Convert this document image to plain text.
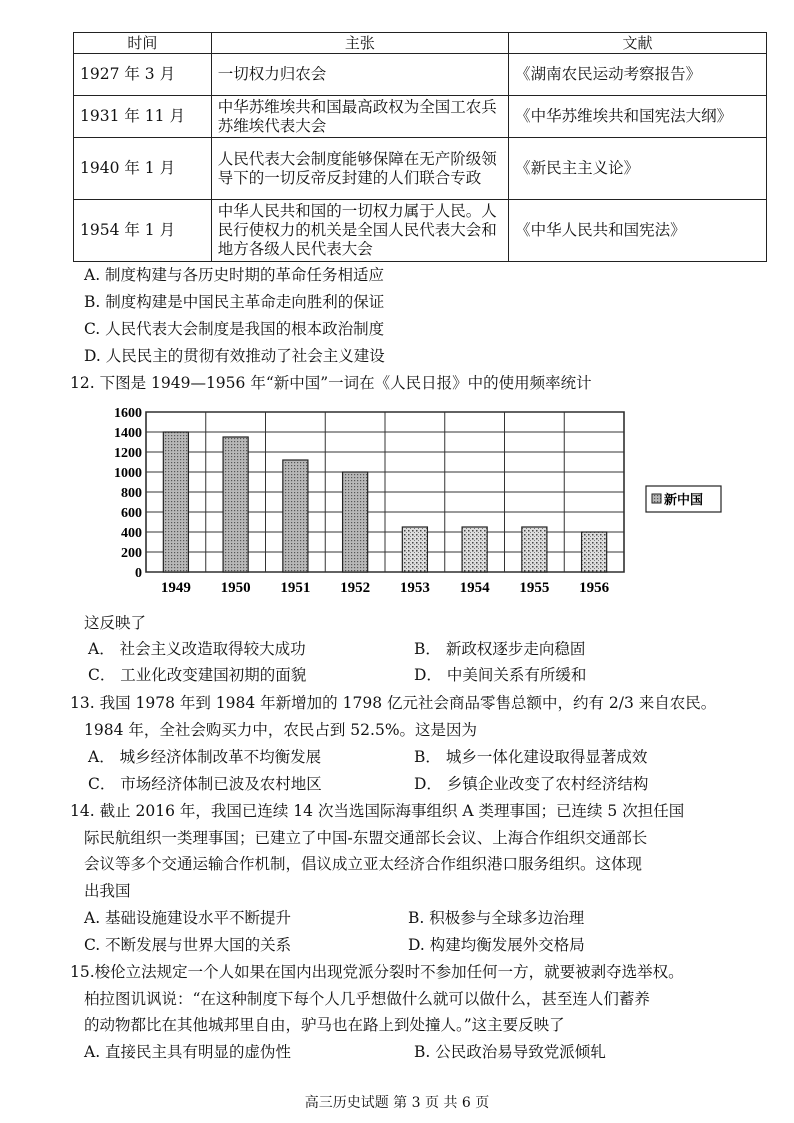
时间	主张	文献
1927 年 3 月	一切权力归农会	《湖南农民运动考察报告》
1931 年 11 月	中华苏维埃共和国最高政权为全国工农兵苏维埃代表大会	《中华苏维埃共和国宪法大纲》
1940 年 1 月	人民代表大会制度能够保障在无产阶级领导下的一切反帝反封建的人们联合专政	《新民主主义论》
1954 年 1 月	中华人民共和国的一切权力属于人民。人民行使权力的机关是全国人民代表大会和地方各级人民代表大会	《中华人民共和国宪法》
A. 制度构建与各历史时期的革命任务相适应
B. 制度构建是中国民主革命走向胜利的保证
C. 人民代表大会制度是我国的根本政治制度
D. 人民民主的贯彻有效推动了社会主义建设
12. 下图是 1949—1956 年“新中国”一词在《人民日报》中的使用频率统计
0
200
400
600
800
1000
1200
1400
1600
1949 1950 1951 1952 1953 1954 1955 1956
新中国
这反映了
A． 社会主义改造取得较大成功	B． 新政权逐步走向稳固
C． 工业化改变建国初期的面貌	D． 中美间关系有所缓和
13. 我国 1978 年到 1984 年新增加的 1798 亿元社会商品零售总额中，约有 2/3 来自农民。
1984 年，全社会购买力中，农民占到 52.5%。这是因为
A． 城乡经济体制改革不均衡发展	B． 城乡一体化建设取得显著成效
C． 市场经济体制已波及农村地区	D． 乡镇企业改变了农村经济结构
14. 截止 2016 年，我国已连续 14 次当选国际海事组织 A 类理事国；已连续 5 次担任国
际民航组织一类理事国；已建立了中国-东盟交通部长会议、上海合作组织交通部长
会议等多个交通运输合作机制，倡议成立亚太经济合作组织港口服务组织。这体现
出我国
A. 基础设施建设水平不断提升	B. 积极参与全球多边治理
C. 不断发展与世界大国的关系	D. 构建均衡发展外交格局
15.梭伦立法规定一个人如果在国内出现党派分裂时不参加任何一方，就要被剥夺选举权。
柏拉图讥讽说：“在这种制度下每个人几乎想做什么就可以做什么，甚至连人们蓄养
的动物都比在其他城邦里自由，驴马也在路上到处撞人。”这主要反映了
A. 直接民主具有明显的虚伪性	B. 公民政治易导致党派倾轧
高三历史试题 第 3 页 共 6 页
